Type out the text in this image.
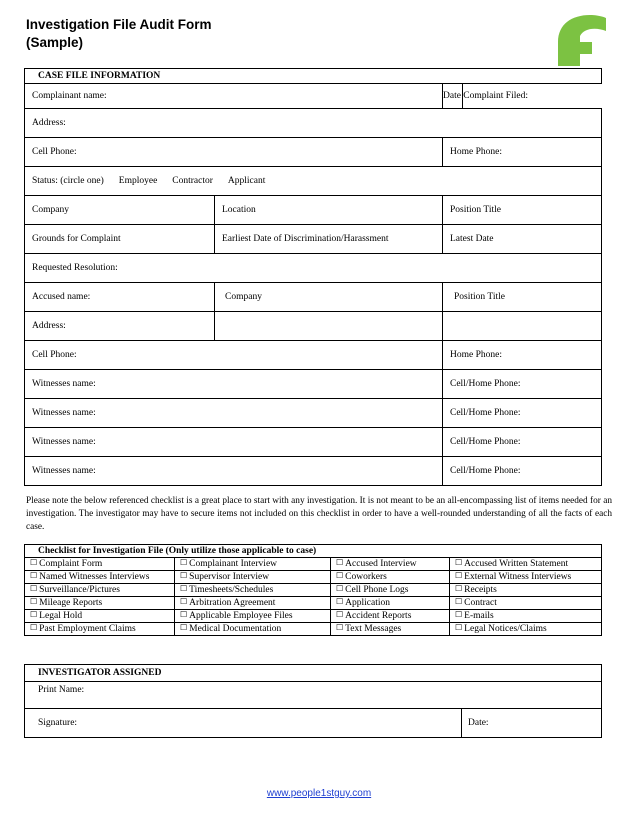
Investigation File Audit Form
(Sample)
CASE FILE INFORMATION		
Complainant name:		Date Complaint Filed:
Address:		
Cell Phone:		Home Phone:
Status: (circle one) Employee Contractor Applicant		
Company	Location	Position Title
Grounds for Complaint	Earliest Date of Discrimination/Harassment	Latest Date
Requested Resolution:		
Accused name:	Company	Position Title
Address:		
Cell Phone:		Home Phone:
Witnesses name:		Cell/Home Phone:
Witnesses name:		Cell/Home Phone:
Witnesses name:		Cell/Home Phone:
Witnesses name:		Cell/Home Phone:
Please note the below referenced checklist is a great place to start with any investigation. It is not meant to be an all-encompassing list of items needed for an investigation. The investigator may have to secure items not included on this checklist in order to have a well-rounded understanding of all the facts of each case.
Checklist for Investigation File (Only utilize those applicable to case)			
☐ Complaint Form	☐ Complainant Interview	☐ Accused Interview	☐ Accused Written Statement
☐ Named Witnesses Interviews	☐ Supervisor Interview	☐ Coworkers	☐ External Witness Interviews
☐ Surveillance/Pictures	☐ Timesheets/Schedules	☐ Cell Phone Logs	☐ Receipts
☐ Mileage Reports	☐ Arbitration Agreement	☐ Application	☐ Contract
☐ Legal Hold	☐ Applicable Employee Files	☐ Accident Reports	☐ E-mails
☐ Past Employment Claims	☐ Medical Documentation	☐ Text Messages	☐ Legal Notices/Claims
INVESTIGATOR ASSIGNED
Print Name:
Signature:	Date:
www.people1stguy.com
